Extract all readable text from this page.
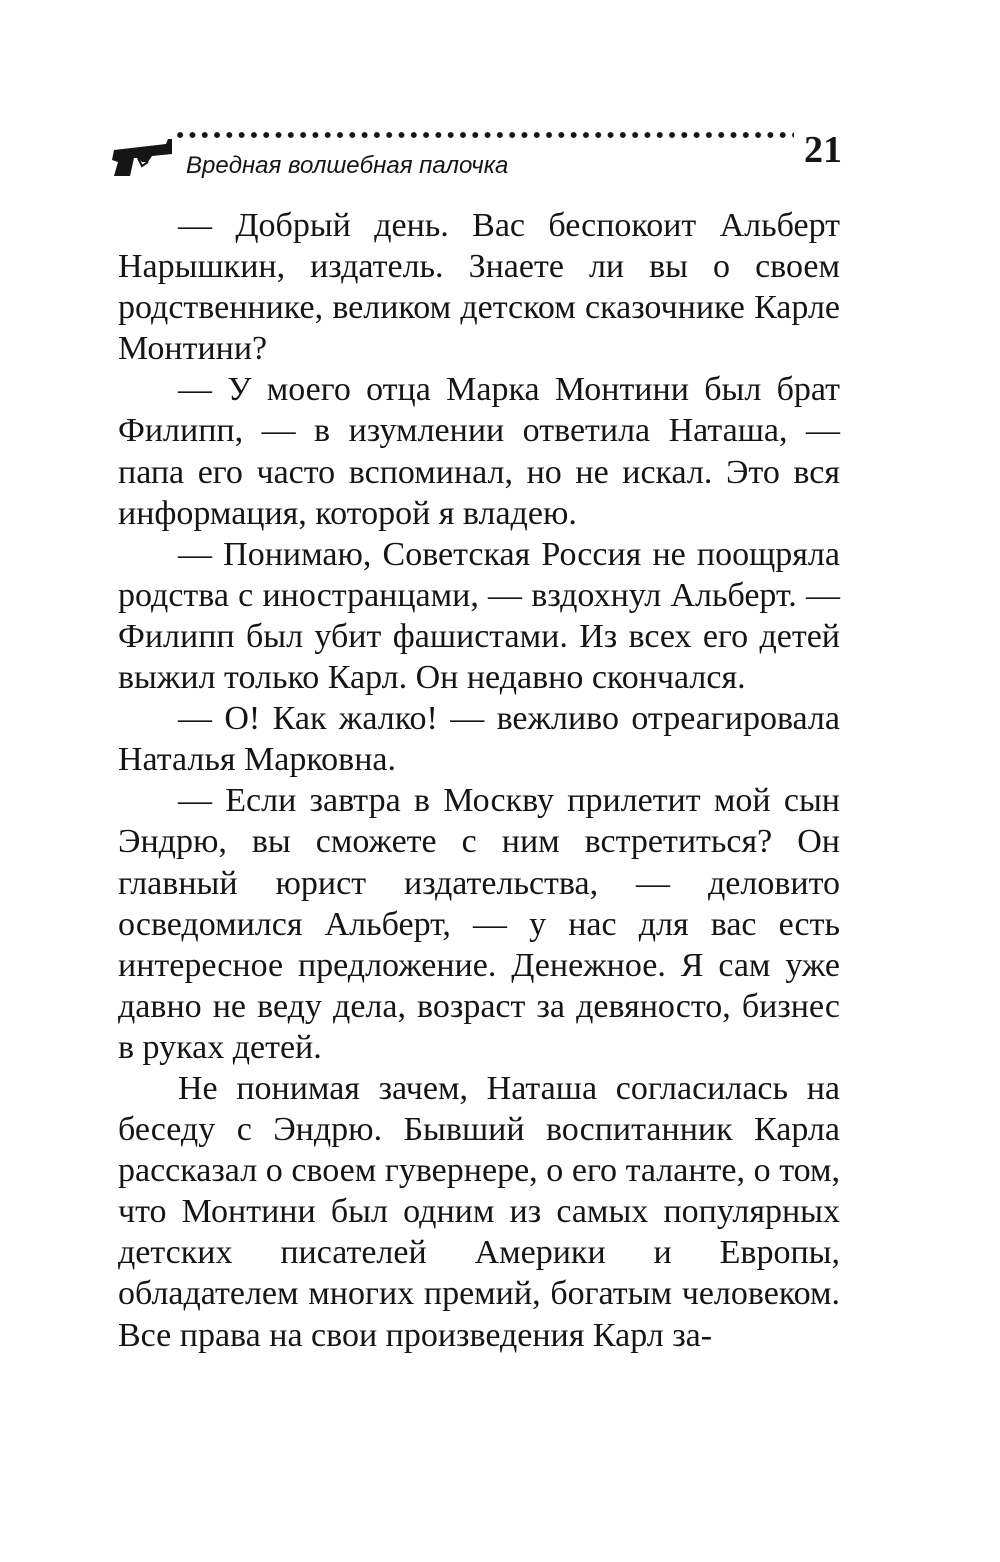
Врeдная волшебная палочка	21

— Добрый день. Вас беспокоит Альберт Нарышкин, издатель. Знаете ли вы о своем родственнике, великом детском сказочнике Карле Монтини?

— У моего отца Марка Монтини был брат Филипп, — в изумлении ответила Наташа, — папа его часто вспоминал, но не искал. Это вся информация, которой я владею.

— Понимаю, Советская Россия не поощряла родства с иностранцами, — вздохнул Альберт. — Филипп был убит фашистами. Из всех его детей выжил только Карл. Он недавно скончался.

— О! Как жалко! — вежливо отреагировала Наталья Марковна.

— Если завтра в Москву прилетит мой сын Эндрю, вы сможете с ним встретиться? Он главный юрист издательства, — деловито осведомился Альберт, — у нас для вас есть интересное предложение. Денежное. Я сам уже давно не веду дела, возраст за девяносто, бизнес в руках детей.

Не понимая зачем, Наташа согласилась на беседу с Эндрю. Бывший воспитанник Карла рассказал о своем гувернере, о его таланте, о том, что Монтини был одним из самых популярных детских писателей Америки и Европы, обладателем многих премий, богатым человеком. Все права на свои произведения Карл за-
